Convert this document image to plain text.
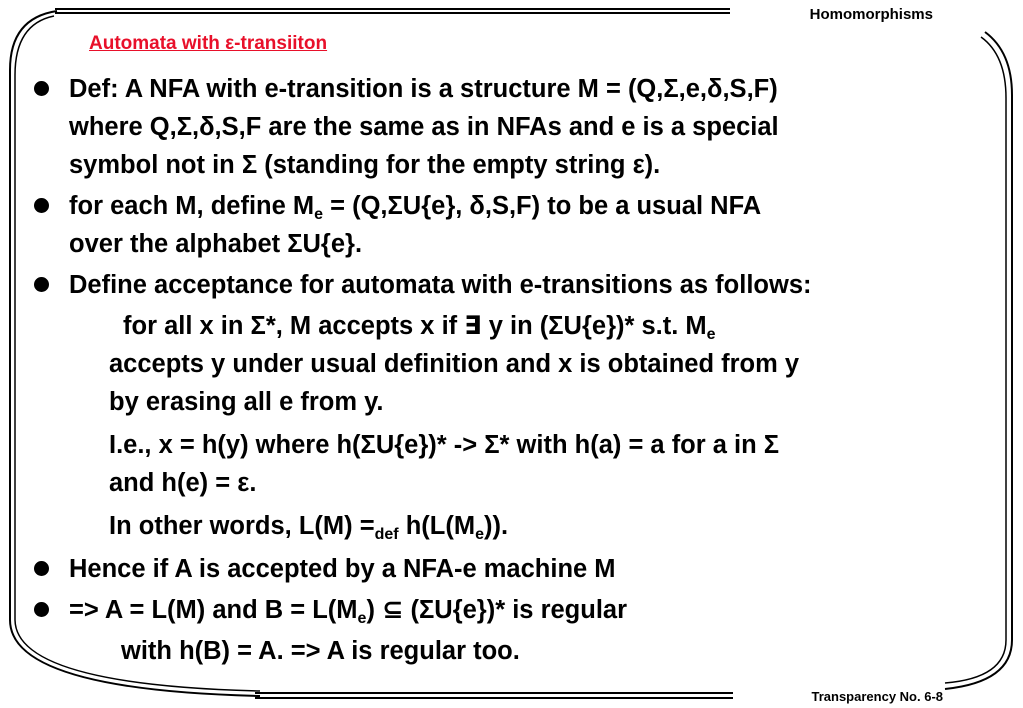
Homomorphisms
Automata with ε-transiiton
Def: A NFA with e-transition is a structure M = (Q,Σ,e,δ,S,F)
where Q,Σ,δ,S,F are the same as in NFAs and e is a special
symbol not in Σ (standing for the empty string ε).
for each M, define $M_e = (Q,\Sigma U\{e\}$, δ,S,F) to be a usual NFA
over the alphabet ΣU{e}.
Define acceptance for automata with e-transitions as follows:
for all x in Σ*, M accepts x if ∃ y in (ΣU{e})* s.t. $M_e$
accepts y under usual definition and x is obtained from y
by erasing all e from y.
I.e., x = h(y) where h(ΣU{e})* -> Σ* with h(a) = a for a in Σ
and h(e) = ε.
In other words, $L(M) =_{def}$ $h(L(M_e))$.
Hence if A is accepted by a NFA-e machine M
=> A = L(M) and $B = L(M_e)$ ⊆ (ΣU{e})* is regular
with h(B) = A. => A is regular too.
Transparency No. 6-8
